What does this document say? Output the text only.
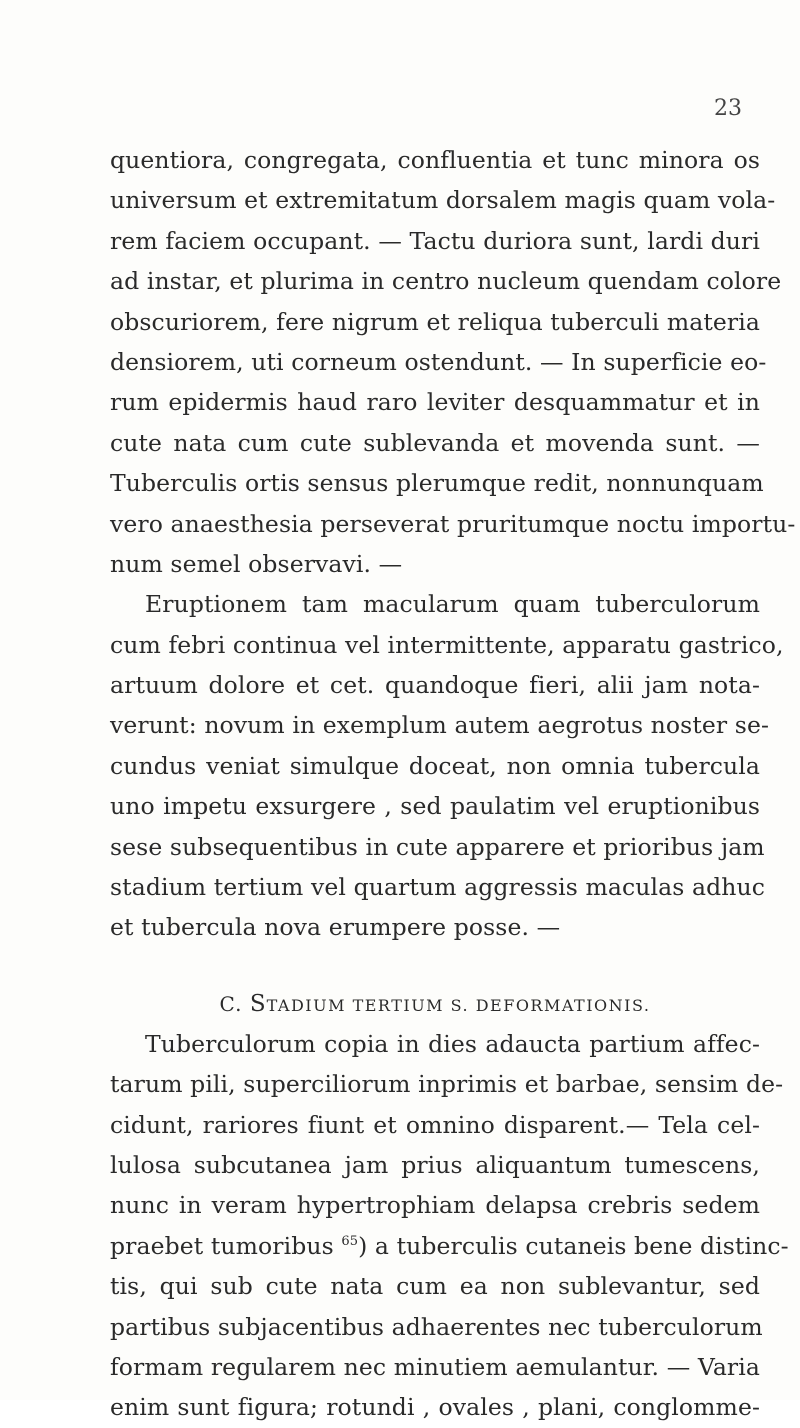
23
quentiora, congregata, confluentia et tunc minora os
universum et extremitatum dorsalem magis quam vola-
rem faciem occupant. — Tactu duriora sunt, lardi duri
ad instar, et plurima in centro nucleum quendam colore
obscuriorem, fere nigrum et reliqua tuberculi materia
densiorem, uti corneum ostendunt. — In superficie eo-
rum epidermis haud raro leviter desquammatur et in
cute nata cum cute sublevanda et movenda sunt. —
Tuberculis ortis sensus plerumque redit, nonnunquam
vero anaesthesia perseverat pruritumque noctu importu-
num semel observavi. —
Eruptionem tam macularum quam tuberculorum
cum febri continua vel intermittente, apparatu gastrico,
artuum dolore et cet. quandoque fieri, alii jam nota-
verunt: novum in exemplum autem aegrotus noster se-
cundus veniat simulque doceat, non omnia tubercula
uno impetu exsurgere , sed paulatim vel eruptionibus
sese subsequentibus in cute apparere et prioribus jam
stadium tertium vel quartum aggressis maculas adhuc
et tubercula nova erumpere posse. —
C. STADIUM TERTIUM S. DEFORMATIONIS.
Tuberculorum copia in dies adaucta partium affec-
tarum pili, superciliorum inprimis et barbae, sensim de-
cidunt, rariores fiunt et omnino disparent.— Tela cel-
lulosa subcutanea jam prius aliquantum tumescens,
nunc in veram hypertrophiam delapsa crebris sedem
praebet tumoribus $^{65}$) a tuberculis cutaneis bene distinc-
tis, qui sub cute nata cum ea non sublevantur, sed
partibus subjacentibus adhaerentes nec tuberculorum
formam regularem nec minutiem aemulantur. — Varia
enim sunt figura; rotundi , ovales , plani, conglomme-
